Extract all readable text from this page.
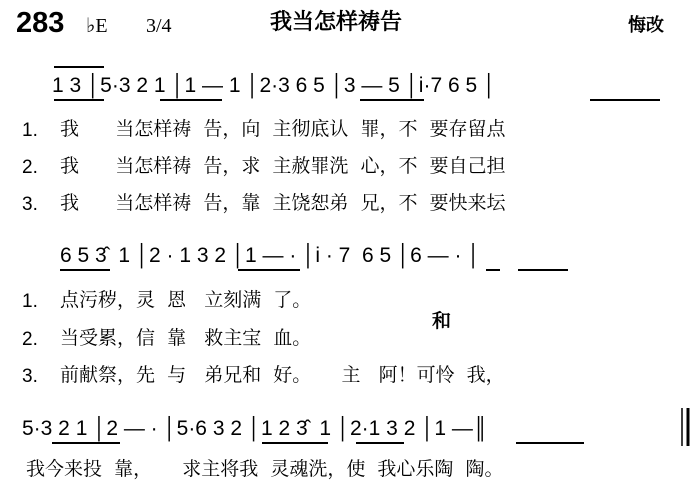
283 ♭E 3/4	我当怎样祷告	悔改
1 3 │5·3 2 1 │1 — 1 │2·3 6 5 │3 — 5 │i·7 6 5 │
1. 我      当怎样祷  告，向  主彻底认  罪，不  要存留点
2. 我      当怎样祷  告，求  主赦罪洗  心，不  要自己担
3. 我      当怎样祷  告，靠  主饶恕弟  兄，不  要快来坛
6 5 3̂  1 │2 · 1 3 2 │1 — · │i · 7  6 5 │6 — · │
1. 点污秽，灵  恩   立刻满  了。
2. 当受累，信  靠   救主宝  血。
和
3. 前献祭，先  与   弟兄和  好。     主   阿！可怜  我，
5·3 2 1 │2 — · │5·6 3 2 │1 2 3̂  1 │2·1 3 2 │1 —║
我今来投  靠，     求主将我  灵魂洗，使  我心乐陶  陶。
